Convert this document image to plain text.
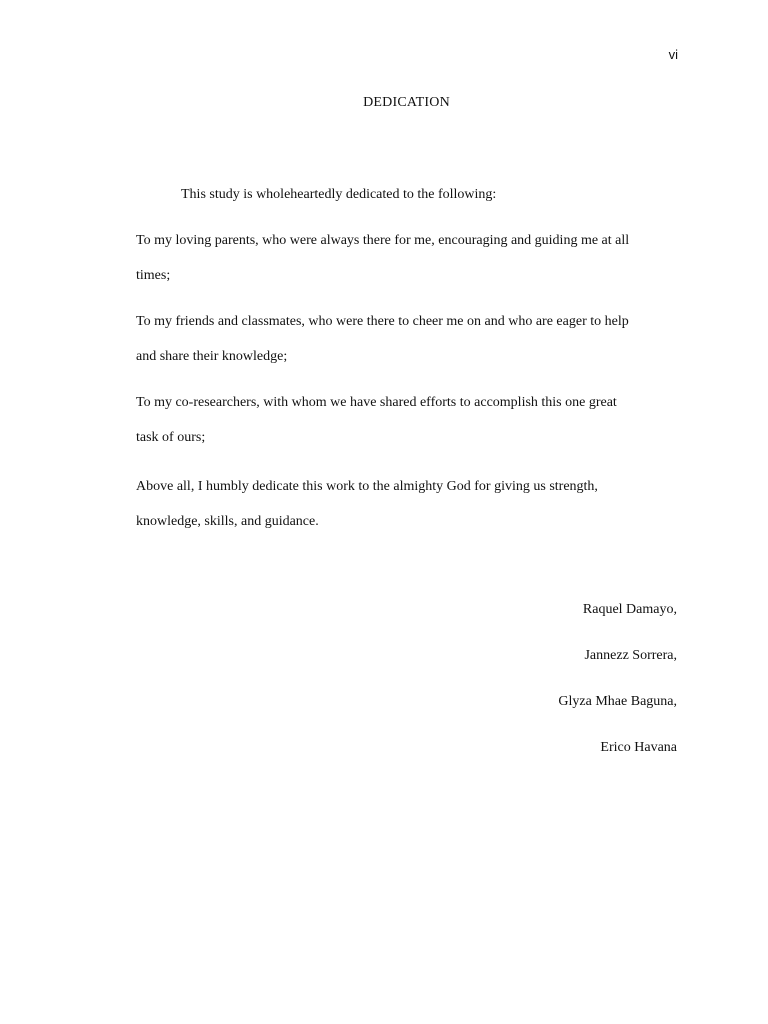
vi
DEDICATION
This study is wholeheartedly dedicated to the following:
To my loving parents, who were always there for me, encouraging and guiding me at all
times;
To my friends and classmates, who were there to cheer me on and who are eager to help
and share their knowledge;
To my co-researchers, with whom we have shared efforts to accomplish this one great
task of ours;
Above all, I humbly dedicate this work to the almighty God for giving us strength,
knowledge, skills, and guidance.
Raquel Damayo,
Jannezz Sorrera,
Glyza Mhae Baguna,
Erico Havana
